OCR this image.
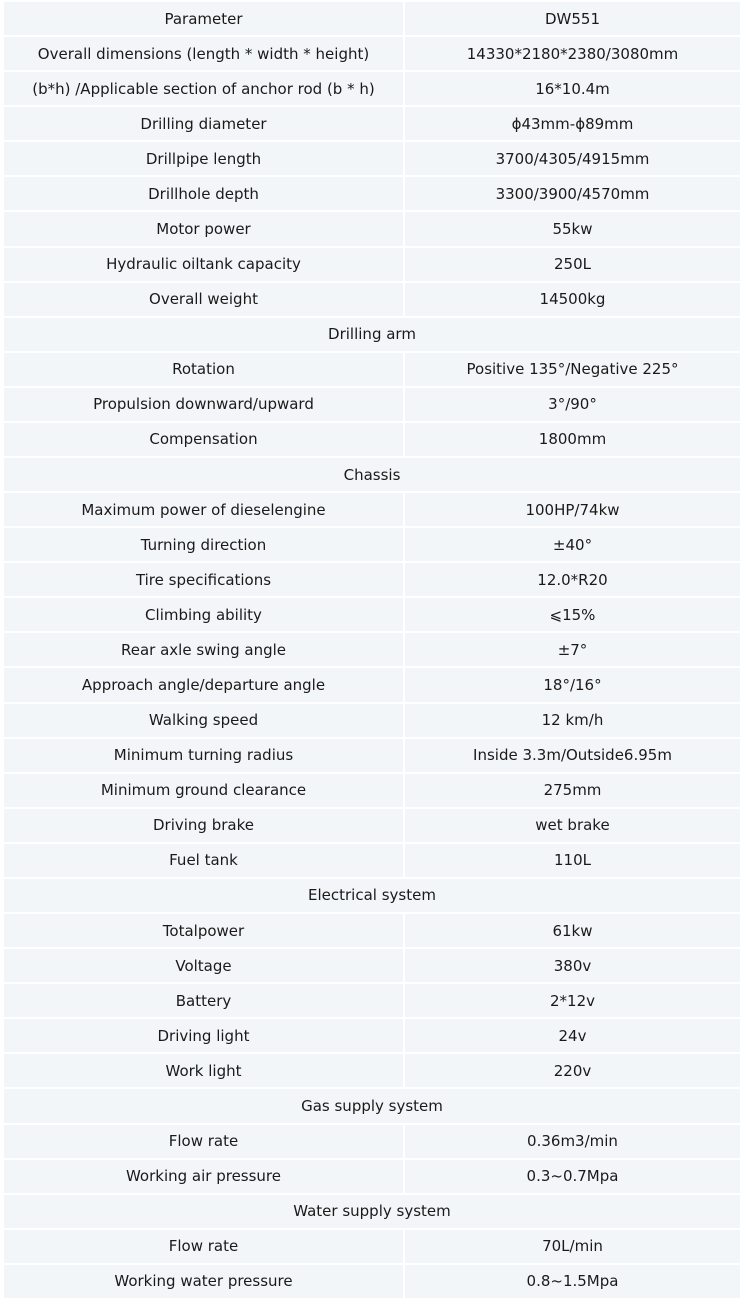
Parameter	DW551
Overall dimensions (length * width * height)	14330*2180*2380/3080mm
(b*h) /Applicable section of anchor rod (b * h)	16*10.4m
Drilling diameter	ϕ43mm-ϕ89mm
Drillpipe length	3700/4305/4915mm
Drillhole depth	3300/3900/4570mm
Motor power	55kw
Hydraulic oiltank capacity	250L
Overall weight	14500kg
Drilling arm	
Rotation	Positive 135°/Negative 225°
Propulsion downward/upward	3°/90°
Compensation	1800mm
Chassis	
Maximum power of dieselengine	100HP/74kw
Turning direction	±40°
Tire specifications	12.0*R20
Climbing ability	⩽15%
Rear axle swing angle	±7°
Approach angle/departure angle	18°/16°
Walking speed	12 km/h
Minimum turning radius	Inside 3.3m/Outside6.95m
Minimum ground clearance	275mm
Driving brake	wet brake
Fuel tank	110L
Electrical system	
Totalpower	61kw
Voltage	380v
Battery	2*12v
Driving light	24v
Work light	220v
Gas supply system	
Flow rate	0.36m3/min
Working air pressure	0.3~0.7Mpa
Water supply system	
Flow rate	70L/min
Working water pressure	0.8~1.5Mpa
